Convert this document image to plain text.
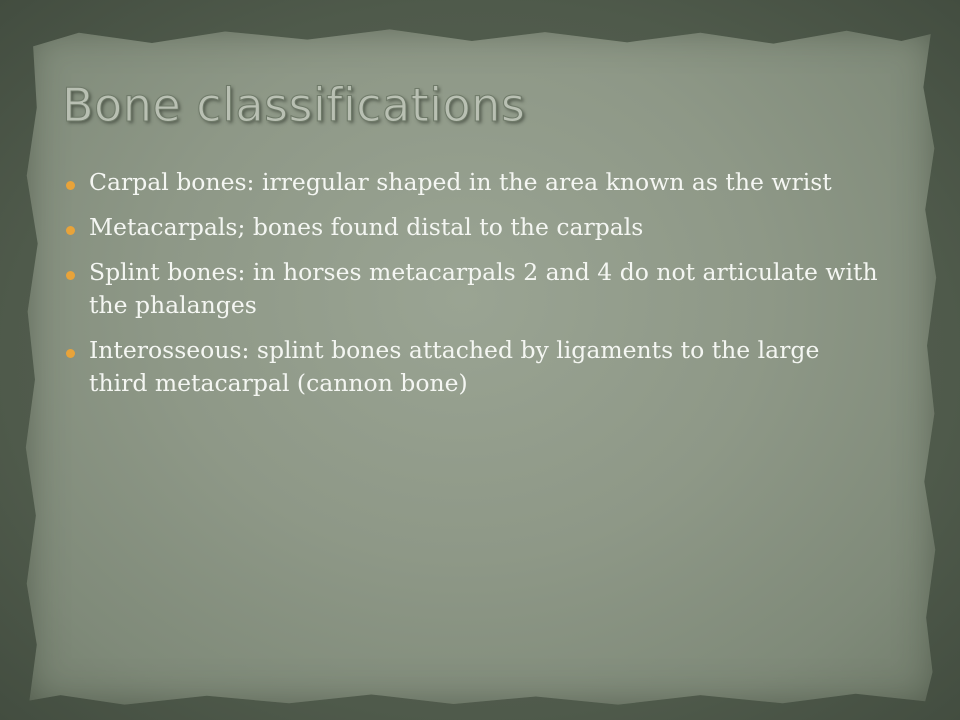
Bone classifications
Carpal bones: irregular shaped in the area known as the wrist
Metacarpals; bones found distal to the carpals
Splint bones: in horses metacarpals 2 and 4 do not articulate with the phalanges
Interosseous: splint bones attached by ligaments to the large third metacarpal (cannon bone)
